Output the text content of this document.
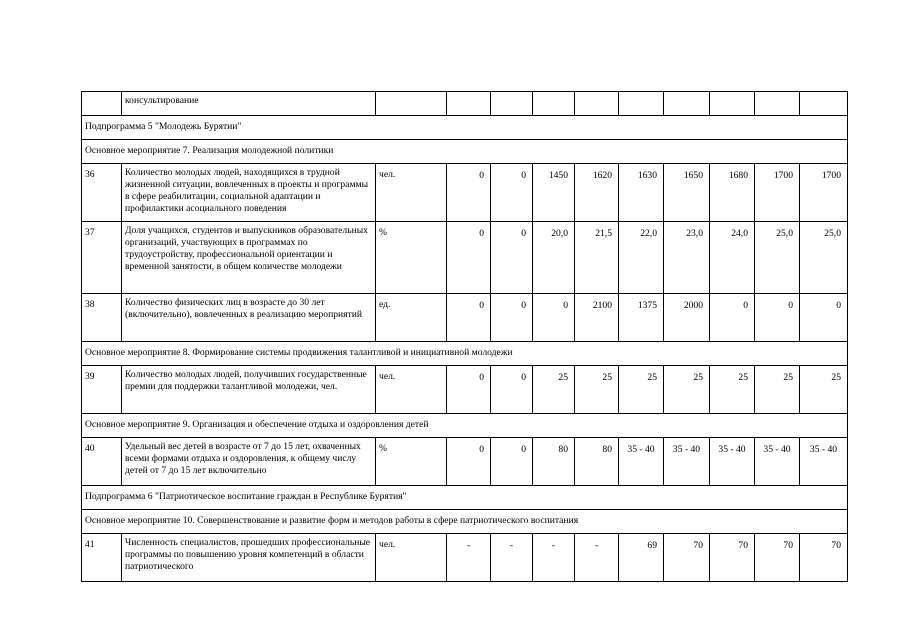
	консультирование										
Подпрограмма 5 "Молодежь Бурятии"											
Основное мероприятие 7. Реализация молодежной политики											
36	Количество молодых людей, находящихся в трудной жизненной ситуации, вовлеченных в проекты и программы в сфере реабилитации, социальной адаптации и профилактики асоциального поведения	чел.	0	0	1450	1620	1630	1650	1680	1700	1700
37	Доля учащихся, студентов и выпускников образовательных организаций, участвующих в программах по трудоустройству, профессиональной ориентации и временной занятости, в общем количестве молодежи	%	0	0	20,0	21,5	22,0	23,0	24,0	25,0	25,0
38	Количество физических лиц в возрасте до 30 лет (включительно), вовлеченных в реализацию мероприятий	ед.	0	0	0	2100	1375	2000	0	0	0
Основное мероприятие 8. Формирование системы продвижения талантливой и инициативной молодежи											
39	Количество молодых людей, получивших государственные премии для поддержки талантливой молодежи, чел.	чел.	0	0	25	25	25	25	25	25	25
Основное мероприятие 9. Организация и обеспечение отдыха и оздоровления детей											
40	Удельный вес детей в возрасте от 7 до 15 лет, охваченных всеми формами отдыха и оздоровления, к общему числу детей от 7 до 15 лет включительно	%	0	0	80	80	35 - 40	35 - 40	35 - 40	35 - 40	35 - 40
Подпрограмма 6 "Патриотическое воспитание граждан в Республике Бурятия"											
Основное мероприятие 10. Совершенствование и развитие форм и методов работы в сфере патриотического воспитания											
41	Численность специалистов, прошедших профессиональные программы по повышению уровня компетенций в области патриотического	чел.	-	-	-	-	69	70	70	70	70
